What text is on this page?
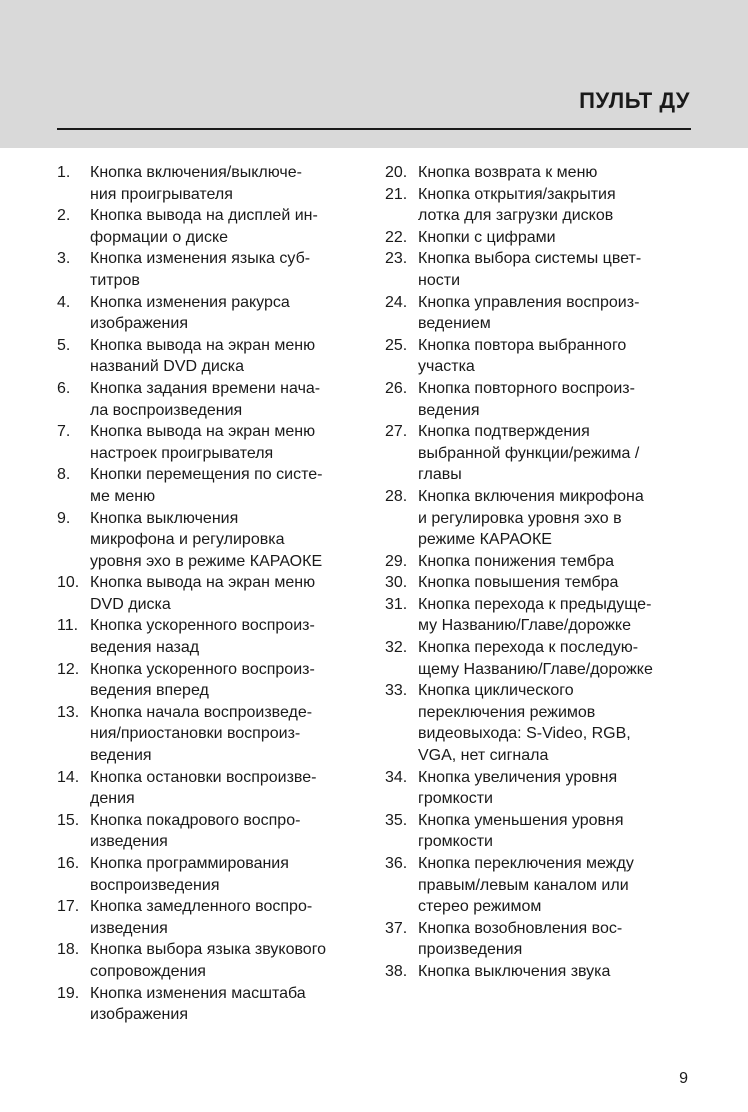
ПУЛЬТ ДУ
1. Кнопка включения/выключе-
ния проигрывателя
2. Кнопка вывода на дисплей ин-
формации о диске
3. Кнопка изменения языка суб-
титров
4. Кнопка изменения ракурса
изображения
5. Кнопка вывода на экран меню
названий DVD диска
6. Кнопка задания времени нача-
ла воспроизведения
7. Кнопка вывода на экран меню
настроек проигрывателя
8. Кнопки перемещения по систе-
ме меню
9. Кнопка выключения
микрофона и регулировка
уровня эхо в режиме КАРАОКЕ
10. Кнопка вывода на экран меню
DVD диска
11. Кнопка ускоренного воспроиз-
ведения назад
12. Кнопка ускоренного воспроиз-
ведения вперед
13. Кнопка начала воспроизведе-
ния/приостановки воспроиз-
ведения
14. Кнопка остановки воспроизве-
дения
15. Кнопка покадрового воспро-
изведения
16. Кнопка программирования
воспроизведения
17. Кнопка замедленного воспро-
изведения
18. Кнопка выбора языка звукового
сопровождения
19. Кнопка изменения масштаба
изображения
20. Кнопка возврата к меню
21. Кнопка открытия/закрытия
лотка для загрузки дисков
22. Кнопки с цифрами
23. Кнопка выбора системы цвет-
ности
24. Кнопка управления воспроиз-
ведением
25. Кнопка повтора выбранного
участка
26. Кнопка повторного воспроиз-
ведения
27. Кнопка подтверждения
выбранной функции/режима /
главы
28. Кнопка включения микрофона
и регулировка уровня эхо в
режиме КАРАОКЕ
29. Кнопка понижения тембра
30. Кнопка повышения тембра
31. Кнопка перехода к предыдуще-
му Названию/Главе/дорожке
32. Кнопка перехода к последую-
щему Названию/Главе/дорожке
33. Кнопка циклического
переключения режимов
видеовыхода: S-Video, RGB,
VGA, нет сигнала
34. Кнопка увеличения уровня
громкости
35. Кнопка уменьшения уровня
громкости
36. Кнопка переключения между
правым/левым каналом или
стерео режимом
37. Кнопка возобновления вос-
произведения
38. Кнопка выключения звука
9
